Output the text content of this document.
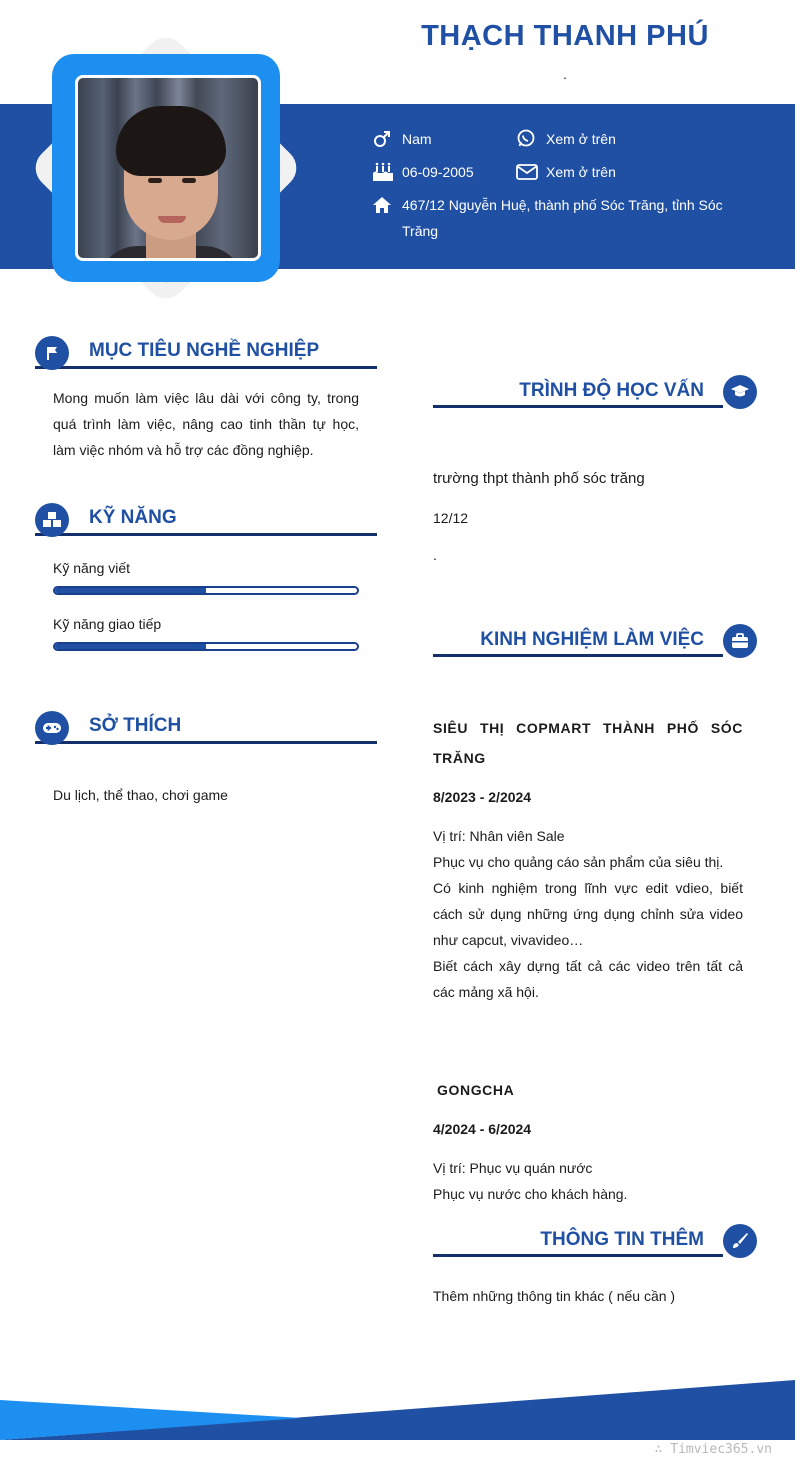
THẠCH THANH PHÚ
.
Nam	Xem ở trên
06-09-2005	Xem ở trên
467/12 Nguyễn Huệ, thành phố Sóc Trăng, tỉnh Sóc Trăng
MỤC TIÊU NGHỀ NGHIỆP
Mong muốn làm việc lâu dài với công ty, trong quá trình làm việc, nâng cao tinh thần tự học, làm việc nhóm và hỗ trợ các đồng nghiệp.
KỸ NĂNG
Kỹ năng viết
Kỹ năng giao tiếp
SỞ THÍCH
Du lịch, thể thao, chơi game
TRÌNH ĐỘ HỌC VẤN
trường thpt thành phố sóc trăng
12/12
.
KINH NGHIỆM LÀM VIỆC
SIÊU THỊ COPMART THÀNH PHỐ SÓC TRĂNG
8/2023 - 2/2024
Vị trí: Nhân viên Sale
Phục vụ cho quảng cáo sản phẩm của siêu thị.
Có kinh nghiệm trong lĩnh vực edit vdieo, biết cách sử dụng những ứng dụng chỉnh sửa video như capcut, vivavideo…
Biết cách xây dựng tất cả các video trên tất cả các mảng xã hội.
GONGCHA
4/2024 - 6/2024
Vị trí: Phục vụ quán nước
Phục vụ nước cho khách hàng.
THÔNG TIN THÊM
Thêm những thông tin khác ( nếu cần )
∴ Timviec365.vn
